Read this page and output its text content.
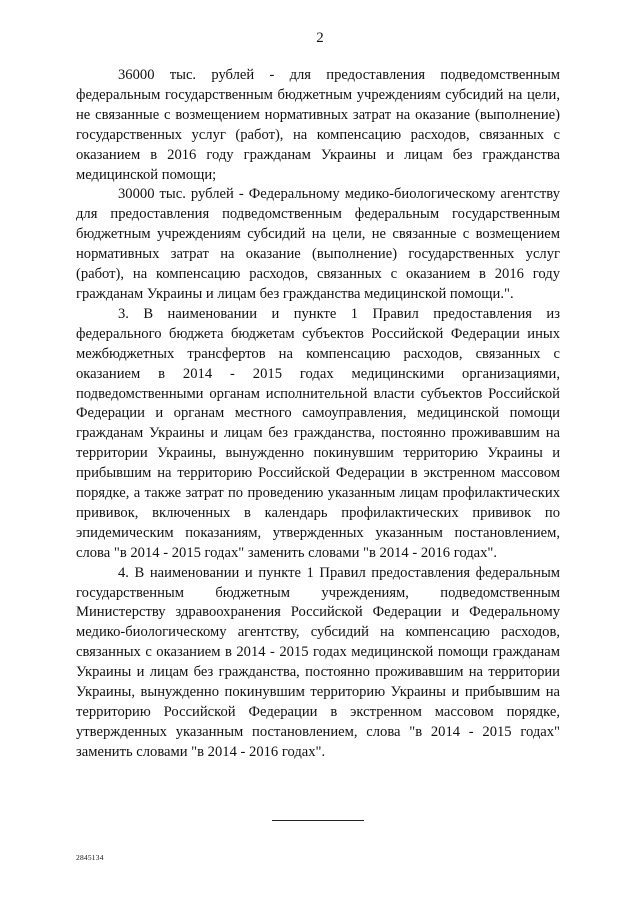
2

36000 тыс. рублей - для предоставления подведомственным федеральным государственным бюджетным учреждениям субсидий на цели, не связанные с возмещением нормативных затрат на оказание (выполнение) государственных услуг (работ), на компенсацию расходов, связанных с оказанием в 2016 году гражданам Украины и лицам без гражданства медицинской помощи;

30000 тыс. рублей - Федеральному медико-биологическому агентству для предоставления подведомственным федеральным государственным бюджетным учреждениям субсидий на цели, не связанные с возмещением нормативных затрат на оказание (выполнение) государственных услуг (работ), на компенсацию расходов, связанных с оказанием в 2016 году гражданам Украины и лицам без гражданства медицинской помощи.".

3. В наименовании и пункте 1 Правил предоставления из федерального бюджета бюджетам субъектов Российской Федерации иных межбюджетных трансфертов на компенсацию расходов, связанных с оказанием в 2014 - 2015 годах медицинскими организациями, подведомственными органам исполнительной власти субъектов Российской Федерации и органам местного самоуправления, медицинской помощи гражданам Украины и лицам без гражданства, постоянно проживавшим на территории Украины, вынужденно покинувшим территорию Украины и прибывшим на территорию Российской Федерации в экстренном массовом порядке, а также затрат по проведению указанным лицам профилактических прививок, включенных в календарь профилактических прививок по эпидемическим показаниям, утвержденных указанным постановлением, слова "в 2014 - 2015 годах" заменить словами "в 2014 - 2016 годах".

4. В наименовании и пункте 1 Правил предоставления федеральным государственным бюджетным учреждениям, подведомственным Министерству здравоохранения Российской Федерации и Федеральному медико-биологическому агентству, субсидий на компенсацию расходов, связанных с оказанием в 2014 - 2015 годах медицинской помощи гражданам Украины и лицам без гражданства, постоянно проживавшим на территории Украины, вынужденно покинувшим территорию Украины и прибывшим на территорию Российской Федерации в экстренном массовом порядке, утвержденных указанным постановлением, слова "в 2014 - 2015 годах" заменить словами "в 2014 - 2016 годах".

2845134
